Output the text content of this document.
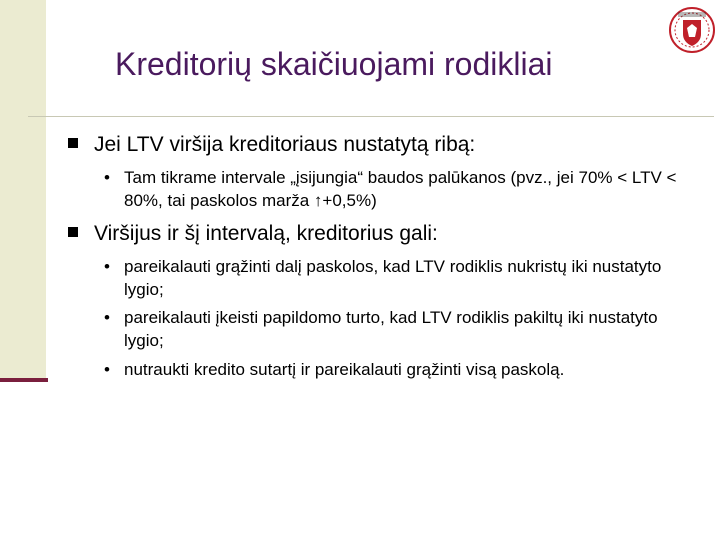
Kreditorių skaičiuojami rodikliai
Jei LTV viršija kreditoriaus nustatytą ribą:
• Tam tikrame intervale „įsijungia“ baudos palūkanos (pvz., jei 70% < LTV < 80%, tai paskolos marža ↑+0,5%)
Viršijus ir šį intervalą, kreditorius gali:
• pareikalauti grąžinti dalį paskolos, kad LTV rodiklis nukristų iki nustatyto lygio;
• pareikalauti įkeisti papildomo turto, kad LTV rodiklis pakiltų iki nustatyto lygio;
• nutraukti kredito sutartį ir pareikalauti grąžinti visą paskolą.
